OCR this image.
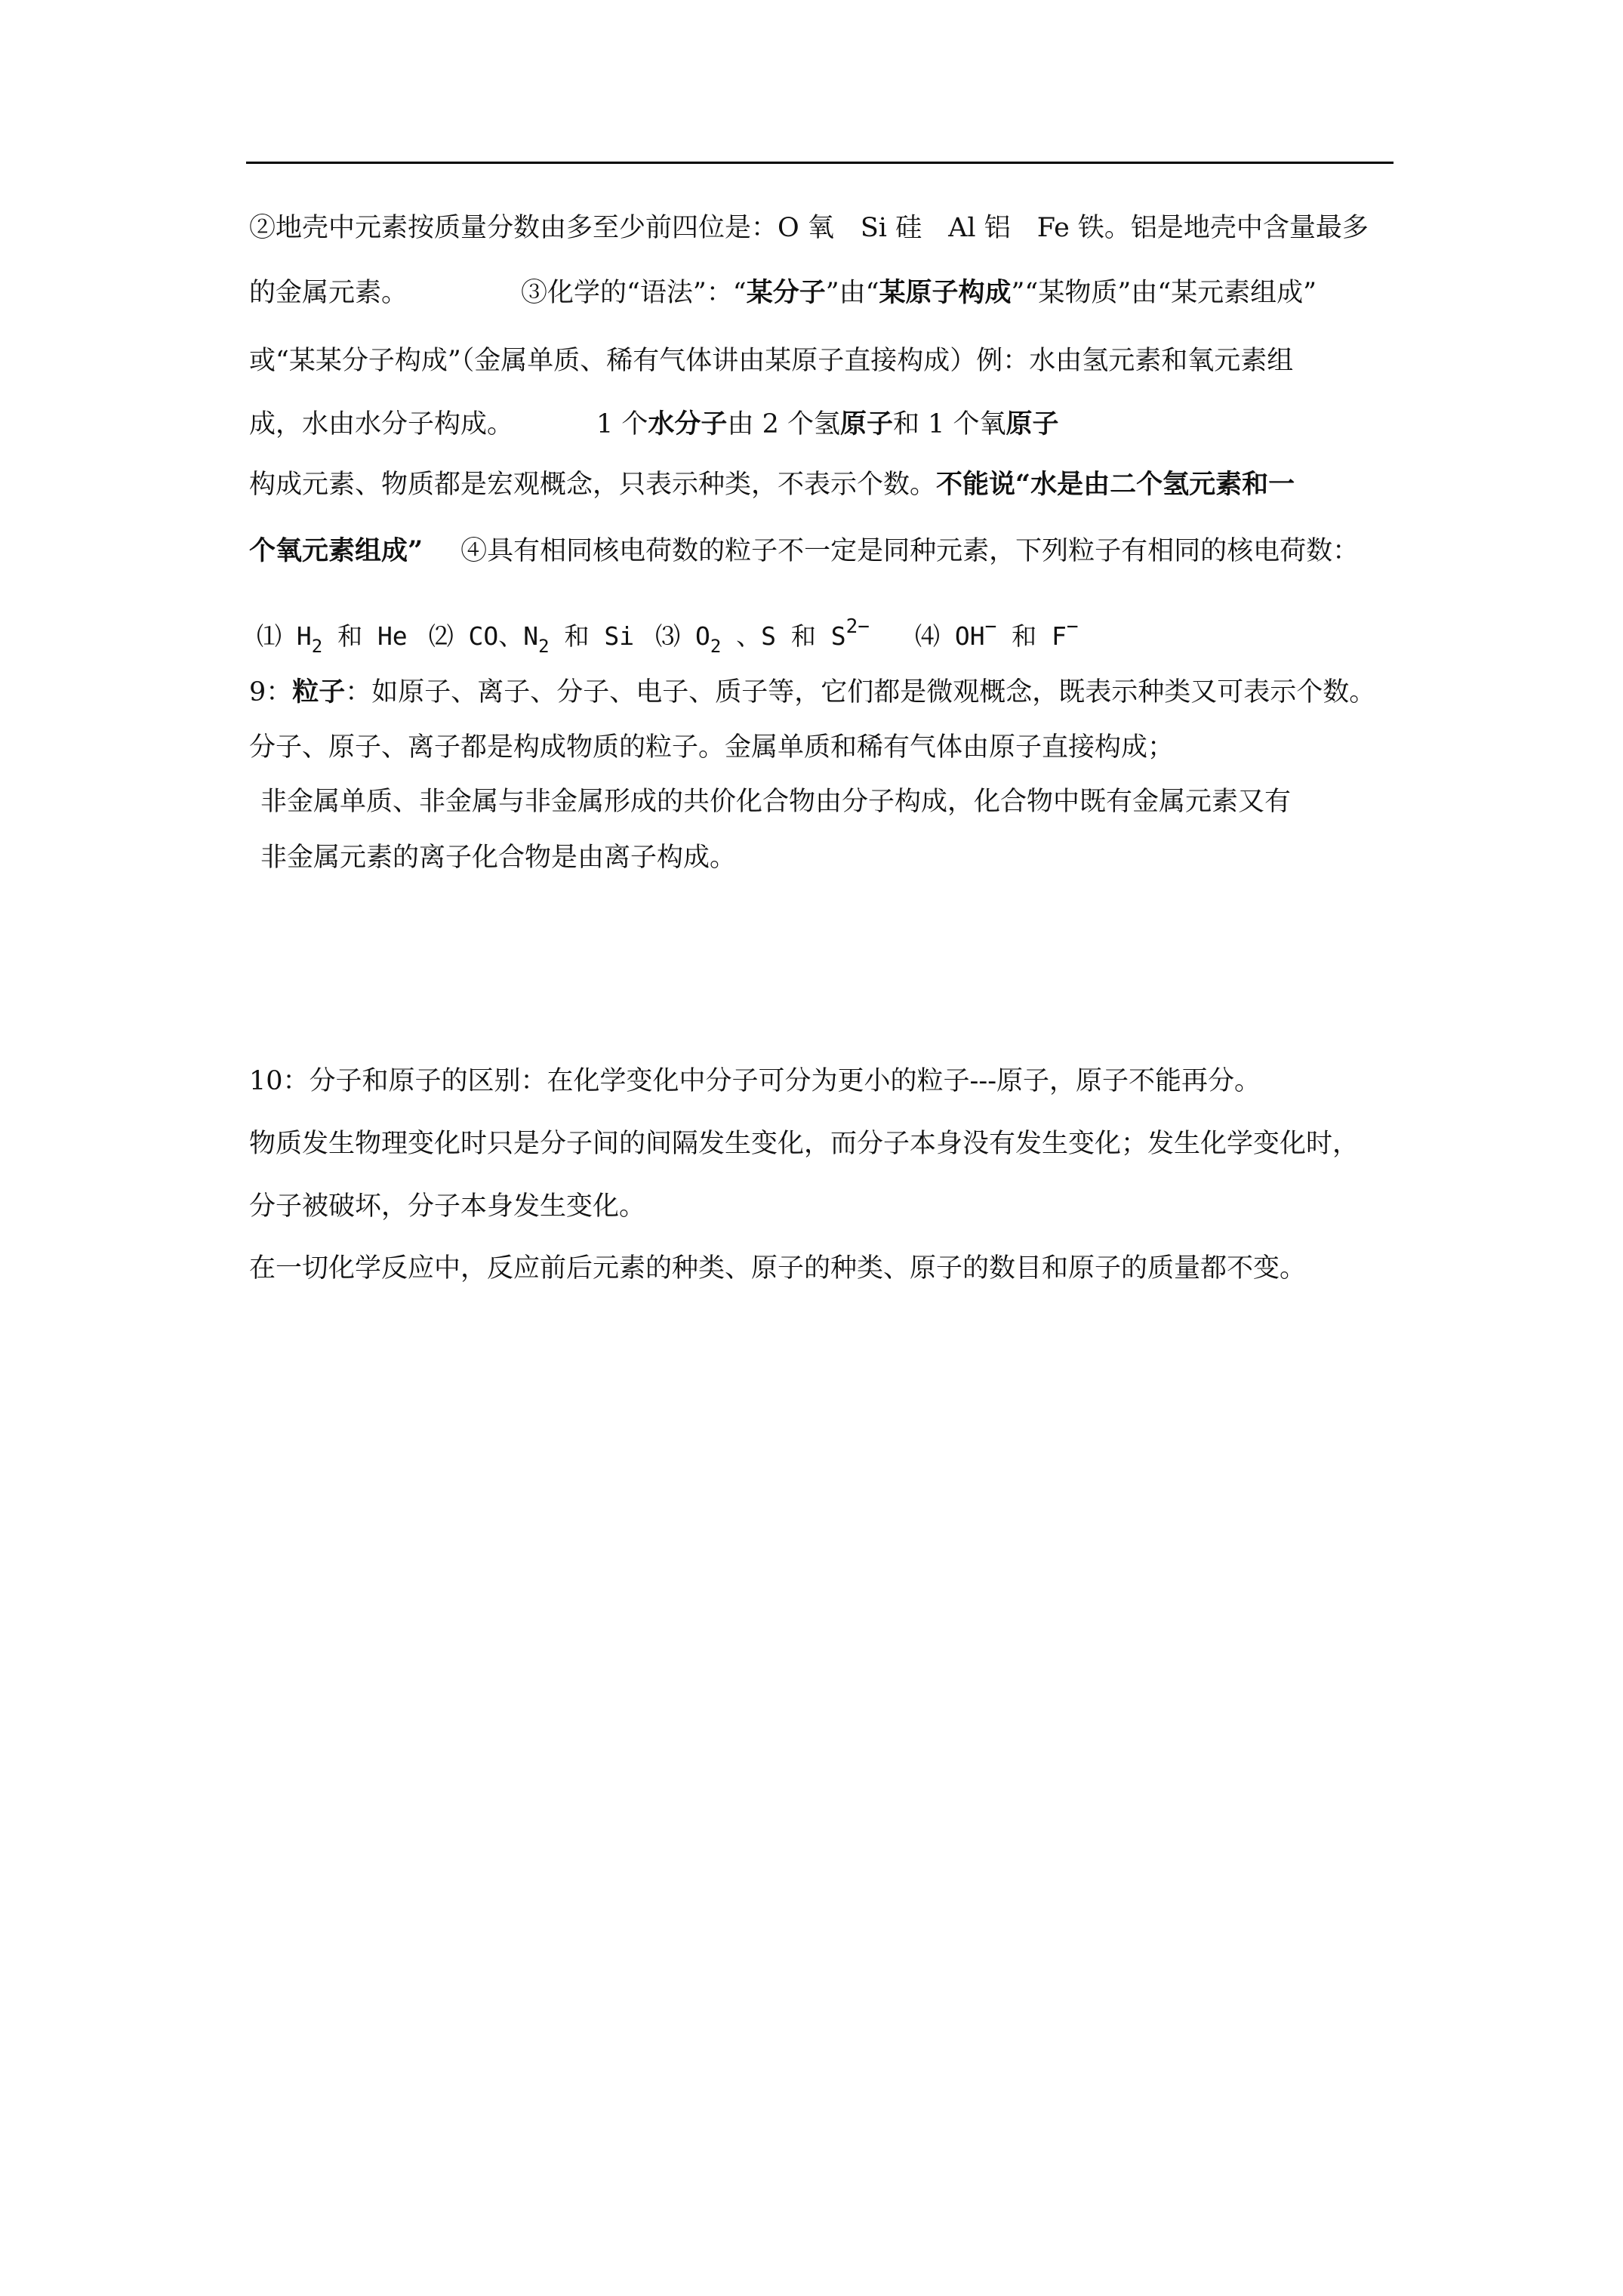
②地壳中元素按质量分数由多至少前四位是：O 氧　Si 硅　Al 铝　Fe 铁。铝是地壳中含量最多
的金属元素。	③化学的“语法”：“某分子”由“某原子构成”“某物质”由“某元素组成”
或“某某分子构成”（金属单质、稀有气体讲由某原子直接构成）例：水由氢元素和氧元素组
成，水由水分子构成。	1 个水分子由 2 个氢原子和 1 个氧原子
构成元素、物质都是宏观概念，只表示种类，不表示个数。不能说“水是由二个氢元素和一
个氧元素组成” ④具有相同核电荷数的粒子不一定是同种元素，下列粒子有相同的核电荷数：
⑴ $H_2$ 和 He ⑵ CO、$N_2$ 和 Si ⑶ $O_2$ 、S 和 $S^{2-}$ ⑷ OH− 和 F−
9：粒子：如原子、离子、分子、电子、质子等，它们都是微观概念，既表示种类又可表示个数。
分子、原子、离子都是构成物质的粒子。金属单质和稀有气体由原子直接构成；
非金属单质、非金属与非金属形成的共价化合物由分子构成，化合物中既有金属元素又有
非金属元素的离子化合物是由离子构成。
10：分子和原子的区别：在化学变化中分子可分为更小的粒子---原子，原子不能再分。
物质发生物理变化时只是分子间的间隔发生变化，而分子本身没有发生变化；发生化学变化时，
分子被破坏，分子本身发生变化。
在一切化学反应中，反应前后元素的种类、原子的种类、原子的数目和原子的质量都不变。
